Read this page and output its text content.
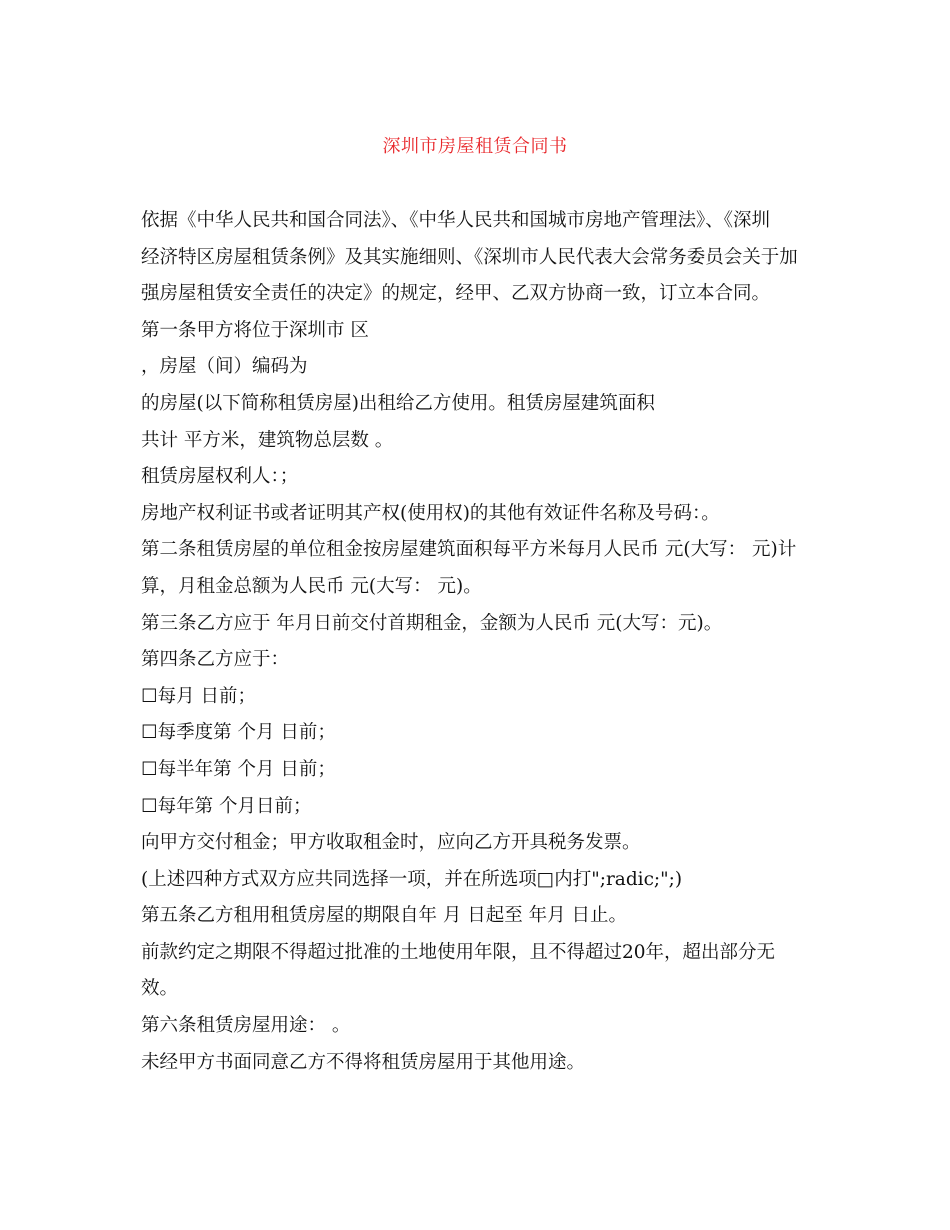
深圳市房屋租赁合同书
依据《中华人民共和国合同法》、《中华人民共和国城市房地产管理法》、《深圳
经济特区房屋租赁条例》及其实施细则、《深圳市人民代表大会常务委员会关于加
强房屋租赁安全责任的决定》的规定，经甲、乙双方协商一致，订立本合同。
第一条甲方将位于深圳市 区
，房屋（间）编码为
的房屋(以下简称租赁房屋)出租给乙方使用。租赁房屋建筑面积
共计 平方米，建筑物总层数 。
租赁房屋权利人：；
房地产权利证书或者证明其产权(使用权)的其他有效证件名称及号码：。
第二条租赁房屋的单位租金按房屋建筑面积每平方米每月人民币 元(大写： 元)计
算，月租金总额为人民币 元(大写： 元)。
第三条乙方应于 年月日前交付首期租金，金额为人民币 元(大写：元)。
第四条乙方应于：
☐每月 日前；
☐每季度第 个月 日前；
☐每半年第 个月 日前；
☐每年第 个月日前；
向甲方交付租金；甲方收取租金时，应向乙方开具税务发票。
(上述四种方式双方应共同选择一项，并在所选项□内打";radic;";)
第五条乙方租用租赁房屋的期限自年 月 日起至 年月 日止。
前款约定之期限不得超过批准的土地使用年限，且不得超过20年，超出部分无
效。
第六条租赁房屋用途： 。
未经甲方书面同意乙方不得将租赁房屋用于其他用途。
